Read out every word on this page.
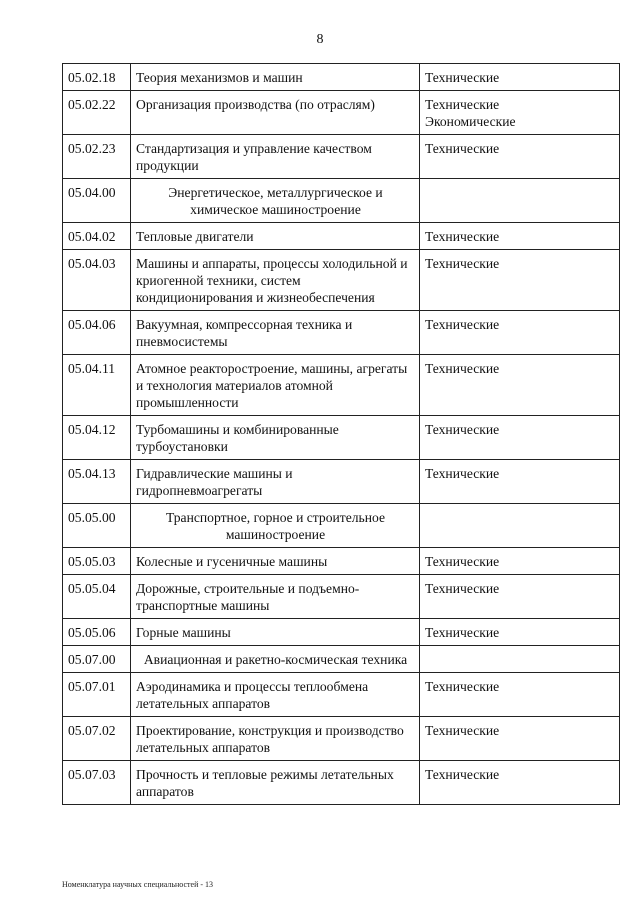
8
05.02.18	Теория механизмов и машин	Технические

05.02.22	Организация производства (по отраслям)	Технические
Экономические

05.02.23	Стандартизация и управление качеством продукции	Технические

05.04.00	Энергетическое, металлургическое и химическое машиностроение	
05.04.02	Тепловые двигатели	Технические

05.04.03	Машины и аппараты, процессы холодильной и криогенной техники, систем кондиционирования и жизнеобеспечения	Технические

05.04.06	Вакуумная, компрессорная техника и пневмосистемы	Технические

05.04.11	Атомное реакторостроение, машины, агрегаты и технология материалов атомной промышленности	Технические

05.04.12	Турбомашины и комбинированные турбоустановки	Технические

05.04.13	Гидравлические машины и гидропневмоагрегаты	Технические

05.05.00	Транспортное, горное и строительное машиностроение	
05.05.03	Колесные и гусеничные машины	Технические

05.05.04	Дорожные, строительные и подъемно-транспортные машины	Технические

05.05.06	Горные машины	Технические

05.07.00	Авиационная и ракетно-космическая техника	
05.07.01	Аэродинамика и процессы теплообмена летательных аппаратов	Технические

05.07.02	Проектирование, конструкция и производство летательных аппаратов	Технические

05.07.03	Прочность и тепловые режимы летательных аппаратов	Технические
Номенклатура научных специальностей - 13
